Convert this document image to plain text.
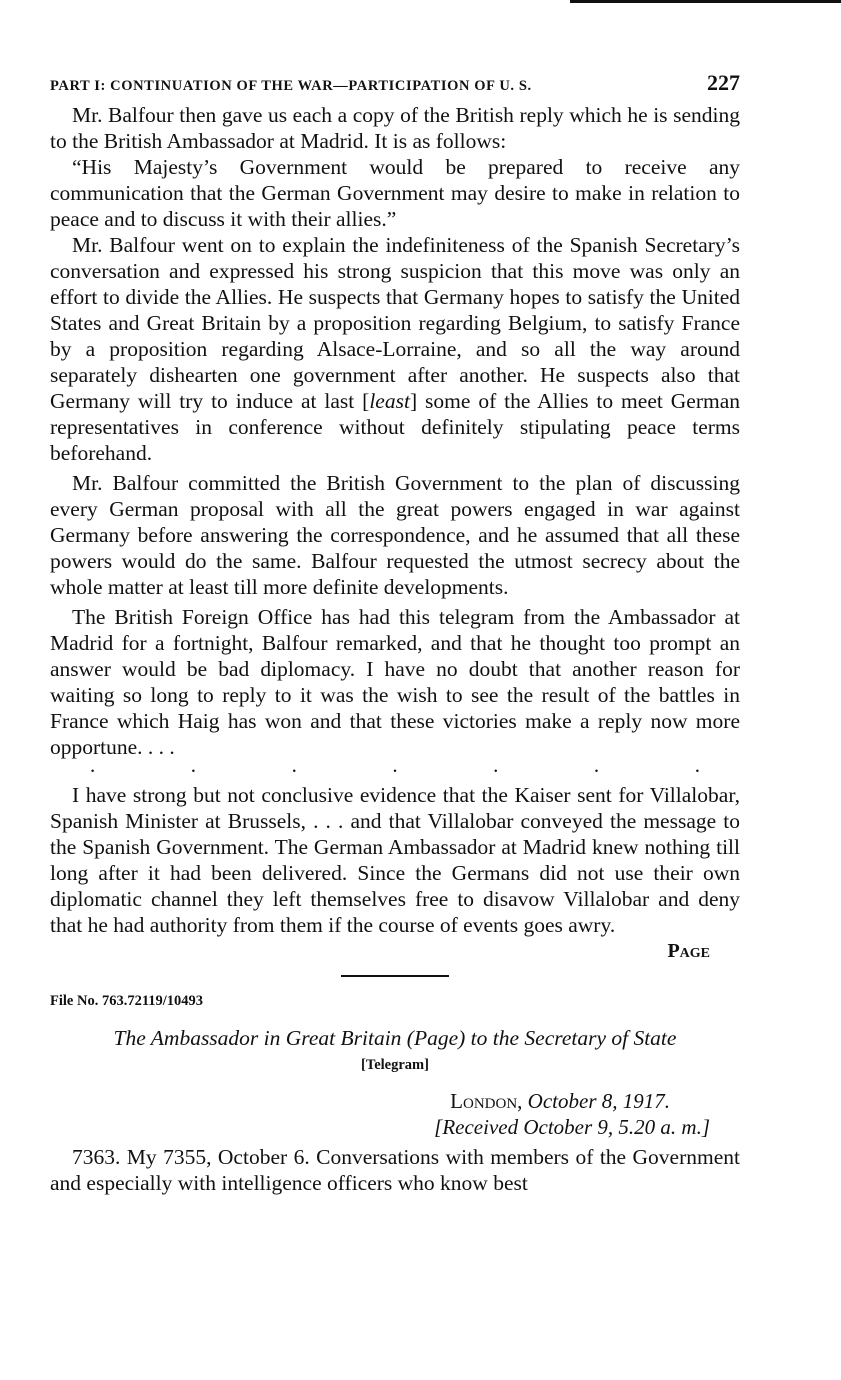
PART I: CONTINUATION OF THE WAR—PARTICIPATION OF U. S.	227

Mr. Balfour then gave us each a copy of the British reply which he is sending to the British Ambassador at Madrid. It is as follows:

“His Majesty’s Government would be prepared to receive any communication that the German Government may desire to make in relation to peace and to discuss it with their allies.”

Mr. Balfour went on to explain the indefiniteness of the Spanish Secretary’s conversation and expressed his strong suspicion that this move was only an effort to divide the Allies. He suspects that Germany hopes to satisfy the United States and Great Britain by a proposition regarding Belgium, to satisfy France by a proposition regarding Alsace-Lorraine, and so all the way around separately dishearten one government after another. He suspects also that Germany will try to induce at last [least] some of the Allies to meet German representatives in conference without definitely stipulating peace terms beforehand.

Mr. Balfour committed the British Government to the plan of discussing every German proposal with all the great powers engaged in war against Germany before answering the correspondence, and he assumed that all these powers would do the same. Balfour requested the utmost secrecy about the whole matter at least till more definite developments.

The British Foreign Office has had this telegram from the Ambassador at Madrid for a fortnight, Balfour remarked, and that he thought too prompt an answer would be bad diplomacy. I have no doubt that another reason for waiting so long to reply to it was the wish to see the result of the battles in France which Haig has won and that these victories make a reply now more opportune. . . .

.	.	.	.	.	.	.

I have strong but not conclusive evidence that the Kaiser sent for Villalobar, Spanish Minister at Brussels, . . . and that Villalobar conveyed the message to the Spanish Government. The German Ambassador at Madrid knew nothing till long after it had been delivered. Since the Germans did not use their own diplomatic channel they left themselves free to disavow Villalobar and deny that he had authority from them if the course of events goes awry.

Page
File No. 763.72119/10493
The Ambassador in Great Britain (Page) to the Secretary of State
[Telegram]
London, October 8, 1917.
[Received October 9, 5.20 a. m.]

7363. My 7355, October 6. Conversations with members of the Government and especially with intelligence officers who know best
